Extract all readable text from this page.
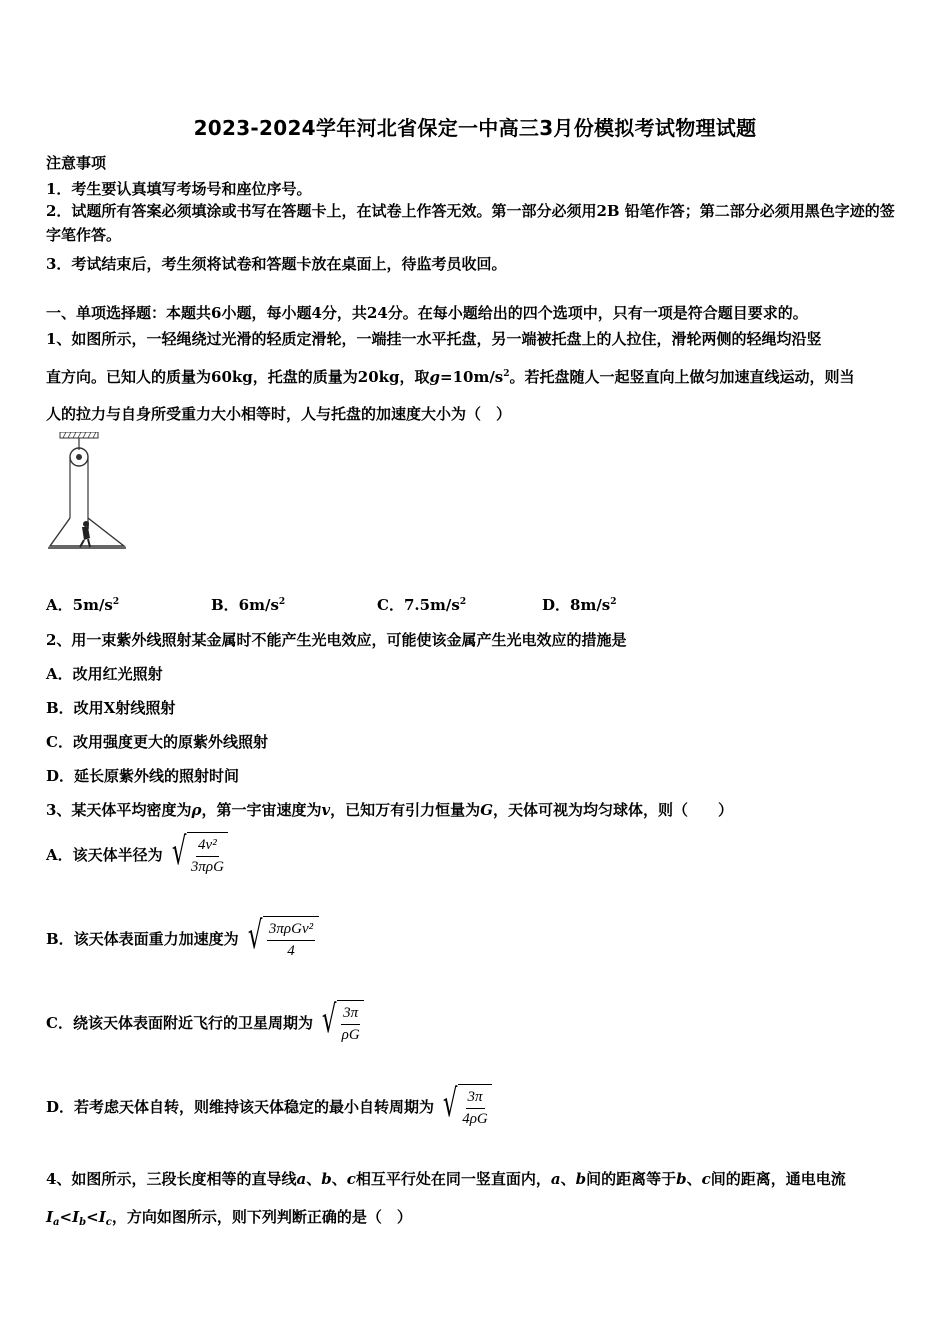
2023-2024学年河北省保定一中高三3月份模拟考试物理试题
注意事项
1．考生要认真填写考场号和座位序号。
2．试题所有答案必须填涂或书写在答题卡上，在试卷上作答无效。第一部分必须用2B 铅笔作答；第二部分必须用黑色字迹的签字笔作答。
3．考试结束后，考生须将试卷和答题卡放在桌面上，待监考员收回。
一、单项选择题：本题共6小题，每小题4分，共24分。在每小题给出的四个选项中，只有一项是符合题目要求的。
1、如图所示，一轻绳绕过光滑的轻质定滑轮，一端挂一水平托盘，另一端被托盘上的人拉住，滑轮两侧的轻绳均沿竖
直方向。已知人的质量为60kg，托盘的质量为20kg，取$g=10m/s^2$。若托盘随人一起竖直向上做匀加速直线运动，则当
人的拉力与自身所受重力大小相等时，人与托盘的加速度大小为（　）
A．$5m/s^2$	B．$6m/s^2$	C．$7.5m/s^2$	D．$8m/s^2$
2、用一束紫外线照射某金属时不能产生光电效应，可能使该金属产生光电效应的措施是
A．改用红光照射
B．改用X射线照射
C．改用强度更大的原紫外线照射
D．延长原紫外线的照射时间
3、某天体平均密度为ρ，第一宇宙速度为v，已知万有引力恒量为G，天体可视为均匀球体，则（　　）
A．该天体半径为 √ $\frac{\text{4v²}}{\text{3πρG}}$
B．该天体表面重力加速度为 √ $\frac{\text{3πρGv²}}{4}$
C．绕该天体表面附近飞行的卫星周期为 √ $\frac{3\pi}{\rho G}$
D．若考虑天体自转，则维持该天体稳定的最小自转周期为 √ $\frac{3\pi}{4\rho G}$
4、如图所示，三段长度相等的直导线a、b、c相互平行处在同一竖直面内，a、b间的距离等于b、c间的距离，通电电流
$I_a<I_b<I_c$，方向如图所示，则下列判断正确的是（　）
